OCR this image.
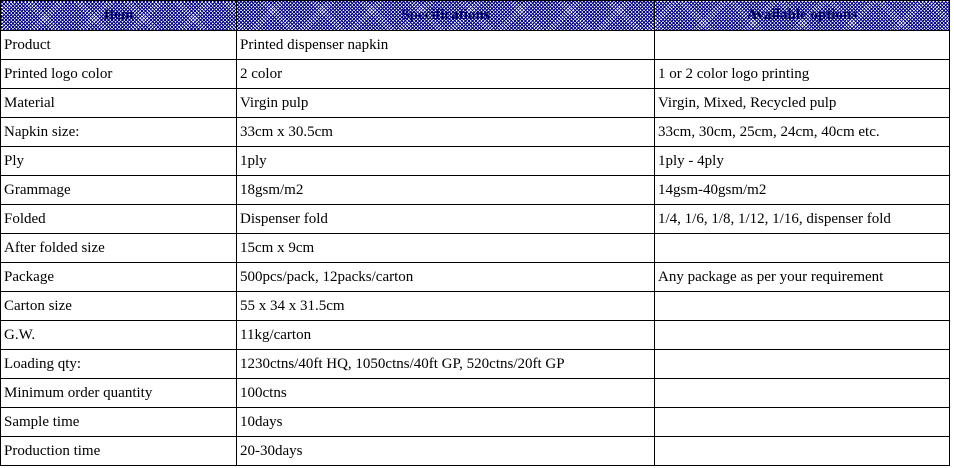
Item	Specifications	Available options
Product	Printed dispenser napkin	
Printed logo color	2 color	1 or 2 color logo printing
Material	Virgin pulp	Virgin, Mixed, Recycled pulp
Napkin size:	33cm x 30.5cm	33cm, 30cm, 25cm, 24cm, 40cm etc.
Ply	1ply	1ply - 4ply
Grammage	18gsm/m2	14gsm-40gsm/m2
Folded	Dispenser fold	1/4, 1/6, 1/8, 1/12, 1/16, dispenser fold
After folded size	15cm x 9cm	
Package	500pcs/pack, 12packs/carton	Any package as per your requirement
Carton size	55 x 34 x 31.5cm	
G.W.	11kg/carton	
Loading qty:	1230ctns/40ft HQ, 1050ctns/40ft GP, 520ctns/20ft GP	
Minimum order quantity	100ctns	
Sample time	10days	
Production time	20-30days	
